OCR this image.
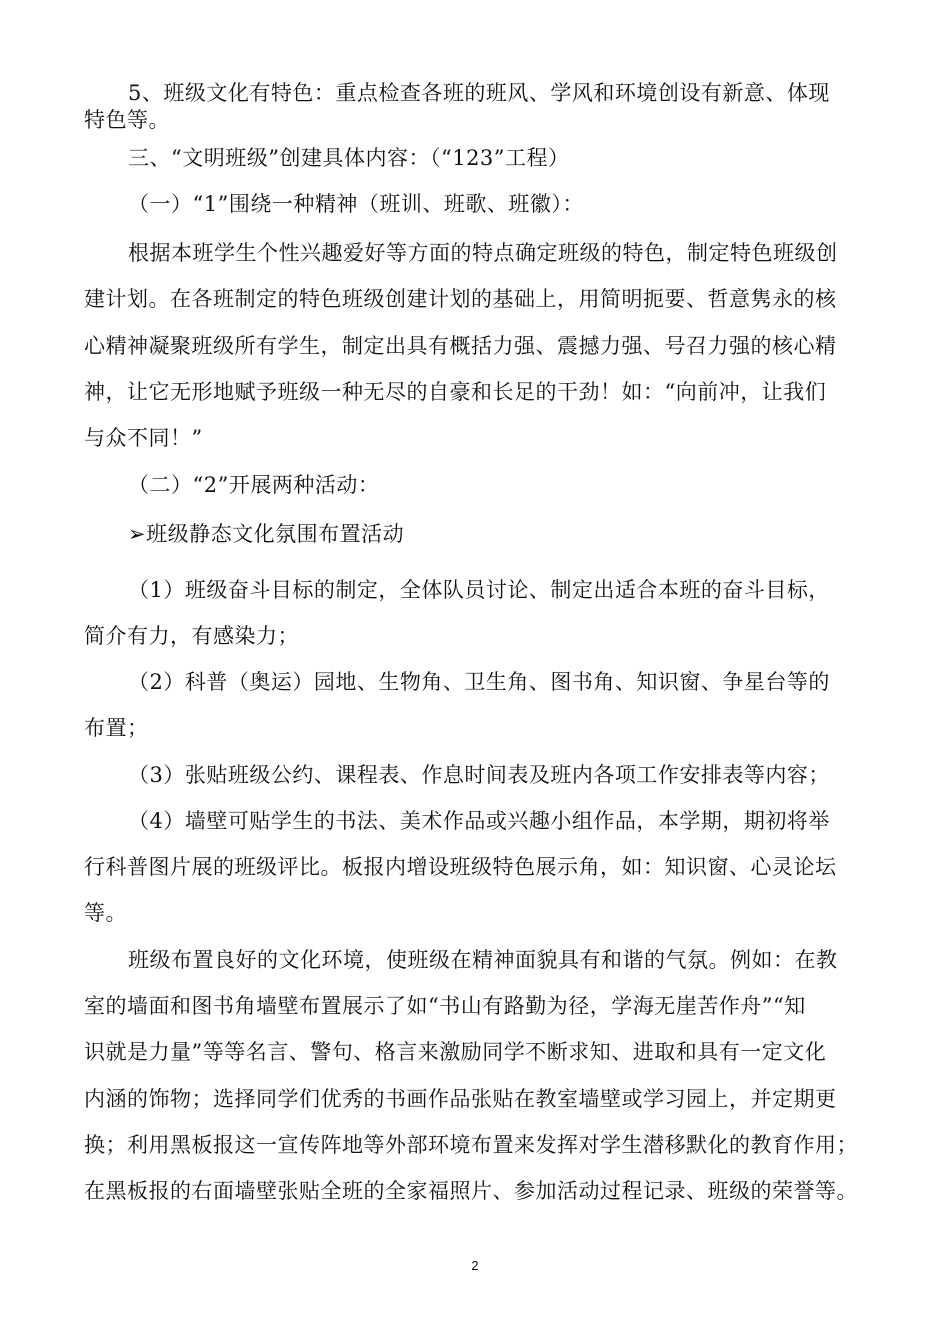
5、班级文化有特色：重点检查各班的班风、学风和环境创设有新意、体现
特色等。
三、“文明班级”创建具体内容：（“123”工程）
（一）“1”围绕一种精神（班训、班歌、班徽）：
根据本班学生个性兴趣爱好等方面的特点确定班级的特色，制定特色班级创
建计划。在各班制定的特色班级创建计划的基础上，用简明扼要、哲意隽永的核
心精神凝聚班级所有学生，制定出具有概括力强、震撼力强、号召力强的核心精
神，让它无形地赋予班级一种无尽的自豪和长足的干劲！如：“向前冲，让我们
与众不同！”
（二）“2”开展两种活动：
➢班级静态文化氛围布置活动
（1）班级奋斗目标的制定，全体队员讨论、制定出适合本班的奋斗目标，
简介有力，有感染力；
（2）科普（奥运）园地、生物角、卫生角、图书角、知识窗、争星台等的
布置；
（3）张贴班级公约、课程表、作息时间表及班内各项工作安排表等内容；
（4）墙壁可贴学生的书法、美术作品或兴趣小组作品，本学期，期初将举
行科普图片展的班级评比。板报内增设班级特色展示角，如：知识窗、心灵论坛
等。
班级布置良好的文化环境，使班级在精神面貌具有和谐的气氛。例如：在教
室的墙面和图书角墙壁布置展示了如“书山有路勤为径，学海无崖苦作舟”“知
识就是力量”等等名言、警句、格言来激励同学不断求知、进取和具有一定文化
内涵的饰物；选择同学们优秀的书画作品张贴在教室墙壁或学习园上，并定期更
换；利用黑板报这一宣传阵地等外部环境布置来发挥对学生潜移默化的教育作用；
在黑板报的右面墙壁张贴全班的全家福照片、参加活动过程记录、班级的荣誉等。
2
